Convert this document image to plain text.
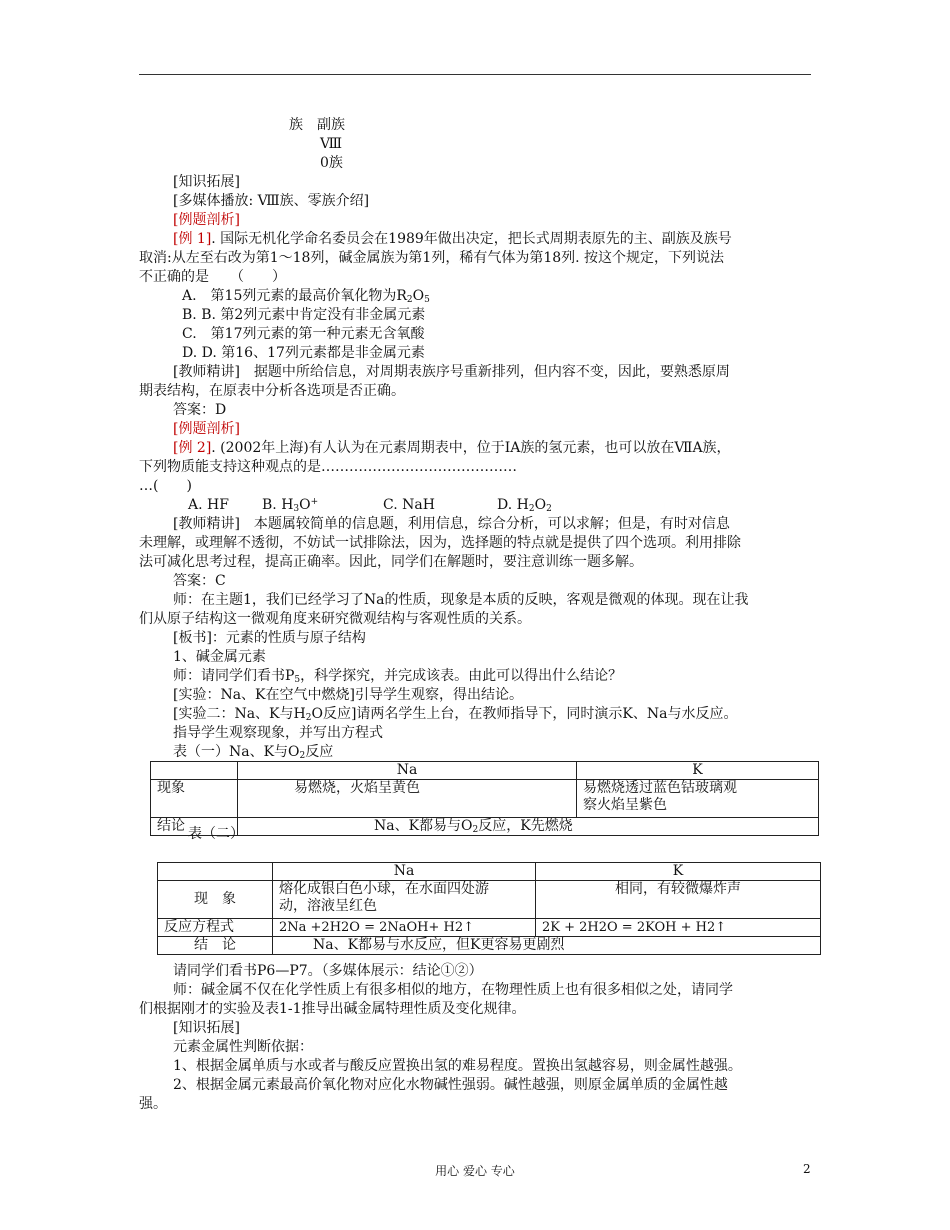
族　副族
Ⅷ
0族
[知识拓展]
[多媒体播放: Ⅷ族、零族介绍]
[例题剖析]
[例 1]. 国际无机化学命名委员会在1989年做出决定，把长式周期表原先的主、副族及族号
取消:从左至右改为第1～18列，碱金属族为第1列，稀有气体为第18列. 按这个规定，下列说法
不正确的是　　（　　）
A.　第15列元素的最高价氧化物为$R_2O_5$
B. B. 第2列元素中肯定没有非金属元素
C.　第17列元素的第一种元素无含氧酸
D. D. 第16、17列元素都是非金属元素
[教师精讲]　据题中所给信息，对周期表族序号重新排列，但内容不变，因此，要熟悉原周
期表结构，在原表中分析各选项是否正确。
答案：D
[例题剖析]
[例 2]. (2002年上海)有人认为在元素周期表中，位于ⅠA族的氢元素，也可以放在ⅦA族，
下列物质能支持这种观点的是……………………………………
…(　　)
A. HF B. $H_3O^+$	C. NaH	D. $H_2O_2$
[教师精讲]　本题属较简单的信息题，利用信息，综合分析，可以求解；但是，有时对信息
未理解，或理解不透彻，不妨试一试排除法，因为，选择题的特点就是提供了四个选项。利用排除
法可减化思考过程，提高正确率。因此，同学们在解题时，要注意训练一题多解。
答案：C
师：在主题1，我们已经学习了Na的性质，现象是本质的反映，客观是微观的体现。现在让我
们从原子结构这一微观角度来研究微观结构与客观性质的关系。
[板书]：元素的性质与原子结构
1、碱金属元素
师：请同学们看书$P_5$，科学探究，并完成该表。由此可以得出什么结论？
[实验：Na、K在空气中燃烧]引导学生观察，得出结论。
[实验二：Na、K与$H_2O$反应]请两名学生上台，在教师指导下，同时演示K、Na与水反应。
指导学生观察现象，并写出方程式
表（一）Na、K与$O_2$反应
	Na	K
现象	易燃烧，火焰呈黄色	易燃烧透过蓝色钴玻璃观
察火焰呈紫色

结论	Na、K都易与$O_2$反应，K先燃烧	
表（二）
	Na	K
现　象	熔化成银白色小球，在水面四处游
动，溶液呈红色	相同，有较微爆炸声
反应方程式	2Na +2H2O = 2NaOH+ H2↑	2K + 2H2O = 2KOH + H2↑
结　论	Na、K都易与水反应，但K更容易更剧烈	
请同学们看书P6—P7。（多媒体展示：结论①②）
师：碱金属不仅在化学性质上有很多相似的地方，在物理性质上也有很多相似之处，请同学
们根据刚才的实验及表1-1推导出碱金属特理性质及变化规律。
[知识拓展]
元素金属性判断依据：
1、根据金属单质与水或者与酸反应置换出氢的难易程度。置换出氢越容易，则金属性越强。
2、根据金属元素最高价氧化物对应化水物碱性强弱。碱性越强，则原金属单质的金属性越
强。
用心 爱心 专心	2
